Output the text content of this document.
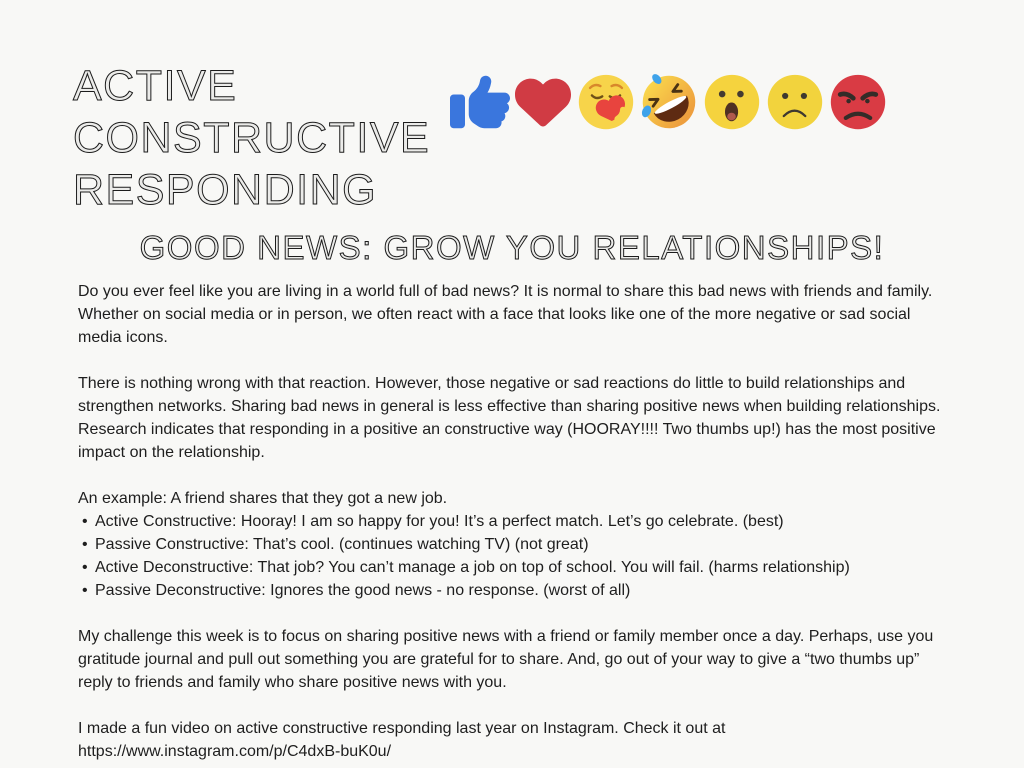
ACTIVE
CONSTRUCTIVE
RESPONDING
GOOD NEWS: GROW YOU RELATIONSHIPS!

Do you ever feel like you are living in a world full of bad news? It is normal to share this bad news with friends and family. Whether on social media or in person, we often react with a face that looks like one of the more negative or sad social media icons.

There is nothing wrong with that reaction. However, those negative or sad reactions do little to build relationships and strengthen networks. Sharing bad news in general is less effective than sharing positive news when building relationships. Research indicates that responding in a positive an constructive way (HOORAY!!!! Two thumbs up!) has the most positive impact on the relationship.

An example: A friend shares that they got a new job.

• Active Constructive: Hooray! I am so happy for you! It’s a perfect match. Let’s go celebrate. (best)
• Passive Constructive: That’s cool. (continues watching TV) (not great)
• Active Deconstructive: That job? You can’t manage a job on top of school. You will fail. (harms relationship)
• Passive Deconstructive: Ignores the good news - no response. (worst of all)

My challenge this week is to focus on sharing positive news with a friend or family member once a day. Perhaps, use you gratitude journal and pull out something you are grateful for to share. And, go out of your way to give a “two thumbs up” reply to friends and family who share positive news with you.

I made a fun video on active constructive responding last year on Instagram. Check it out at
https://www.instagram.com/p/C4dxB-buK0u/
